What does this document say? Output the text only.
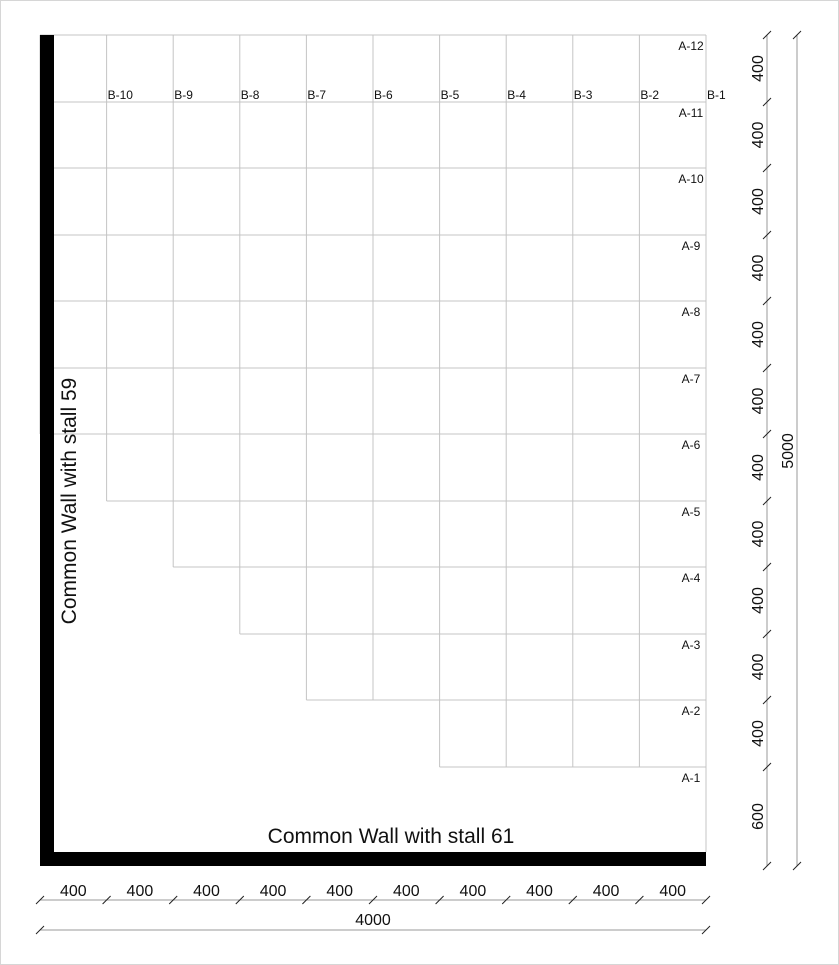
Common Wall with stall 59
Common Wall with stall 61
A-1
A-2
A-3
A-4
A-5
A-6
A-7
A-8
A-9
A-10
A-11
A-12
B-1
B-2
B-3
B-4
B-5
B-6
B-7
B-8
B-9
B-10
400 400 400 400 400 400 400 400 400 400
4000
600
400
400
400
400
400
400
400
400
400
400
400
5000
